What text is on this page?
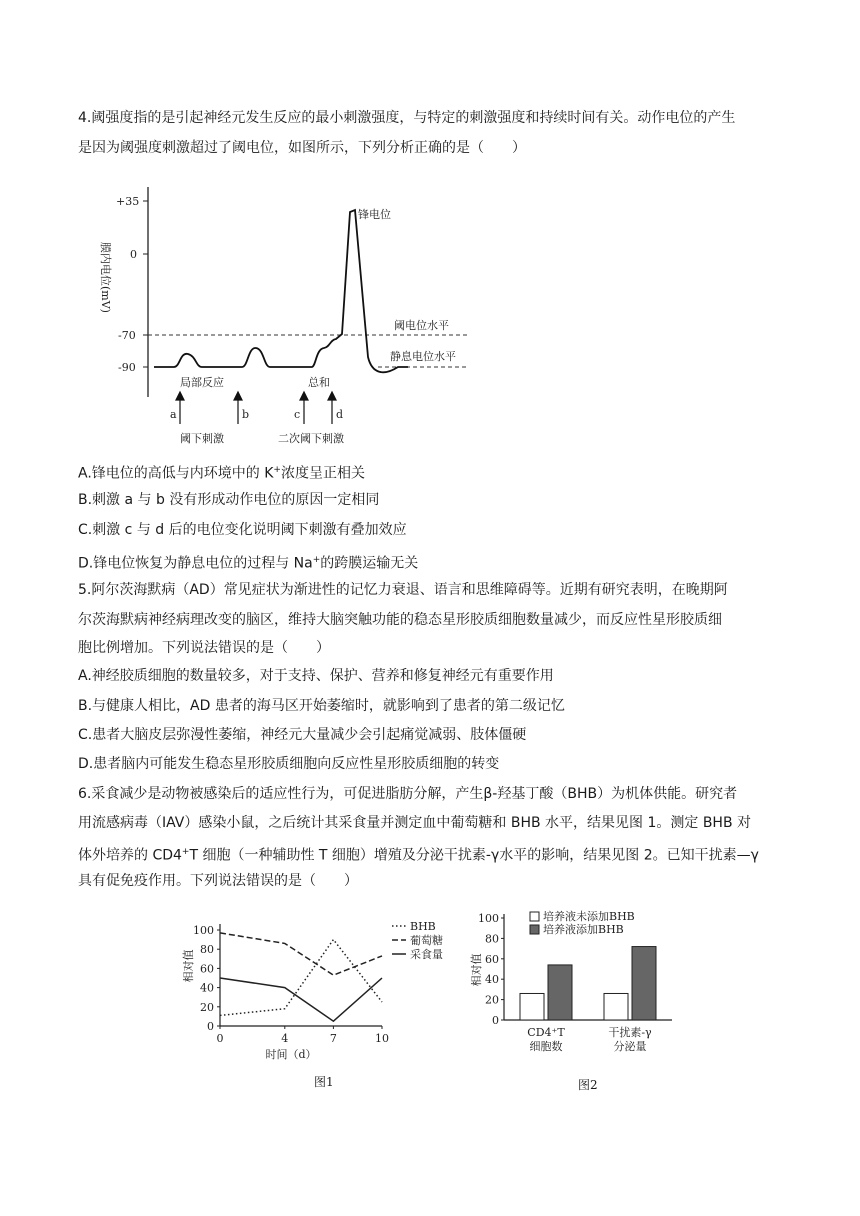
4.阈强度指的是引起神经元发生反应的最小刺激强度，与特定的刺激强度和持续时间有关。动作电位的产生
是因为阈强度刺激超过了阈电位，如图所示，下列分析正确的是（　　）
+35
0
-70
-90
膜内电位(mV)
锋电位
阈电位水平
静息电位水平
局部反应	总和
a	b	c	d
阈下刺激	二次阈下刺激
A.锋电位的高低与内环境中的 K+浓度呈正相关
B.刺激 a 与 b 没有形成动作电位的原因一定相同
C.刺激 c 与 d 后的电位变化说明阈下刺激有叠加效应
D.锋电位恢复为静息电位的过程与 Na+的跨膜运输无关
5.阿尔茨海默病（AD）常见症状为渐进性的记忆力衰退、语言和思维障碍等。近期有研究表明，在晚期阿
尔茨海默病神经病理改变的脑区，维持大脑突触功能的稳态星形胶质细胞数量减少，而反应性星形胶质细
胞比例增加。下列说法错误的是（　　）
A.神经胶质细胞的数量较多，对于支持、保护、营养和修复神经元有重要作用
B.与健康人相比，AD 患者的海马区开始萎缩时，就影响到了患者的第二级记忆
C.患者大脑皮层弥漫性萎缩，神经元大量减少会引起痛觉减弱、肢体僵硬
D.患者脑内可能发生稳态星形胶质细胞向反应性星形胶质细胞的转变
6.采食减少是动物被感染后的适应性行为，可促进脂肪分解，产生β-羟基丁酸（BHB）为机体供能。研究者
用流感病毒（IAV）感染小鼠，之后统计其采食量并测定血中葡萄糖和 BHB 水平，结果见图 1。测定 BHB 对
体外培养的 CD4+T 细胞（一种辅助性 T 细胞）增殖及分泌干扰素-γ水平的影响，结果见图 2。已知干扰素—γ
具有促免疫作用。下列说法错误的是（　　）
0
20
40
60
80
100
0	4	7	10
时间（d）
相对值
BHB
葡萄糖
采食量
图1
0
20
40
60
80
100
相对值
CD4⁺T
细胞数
干扰素-γ
分泌量
培养液未添加BHB
培养液添加BHB
图2
